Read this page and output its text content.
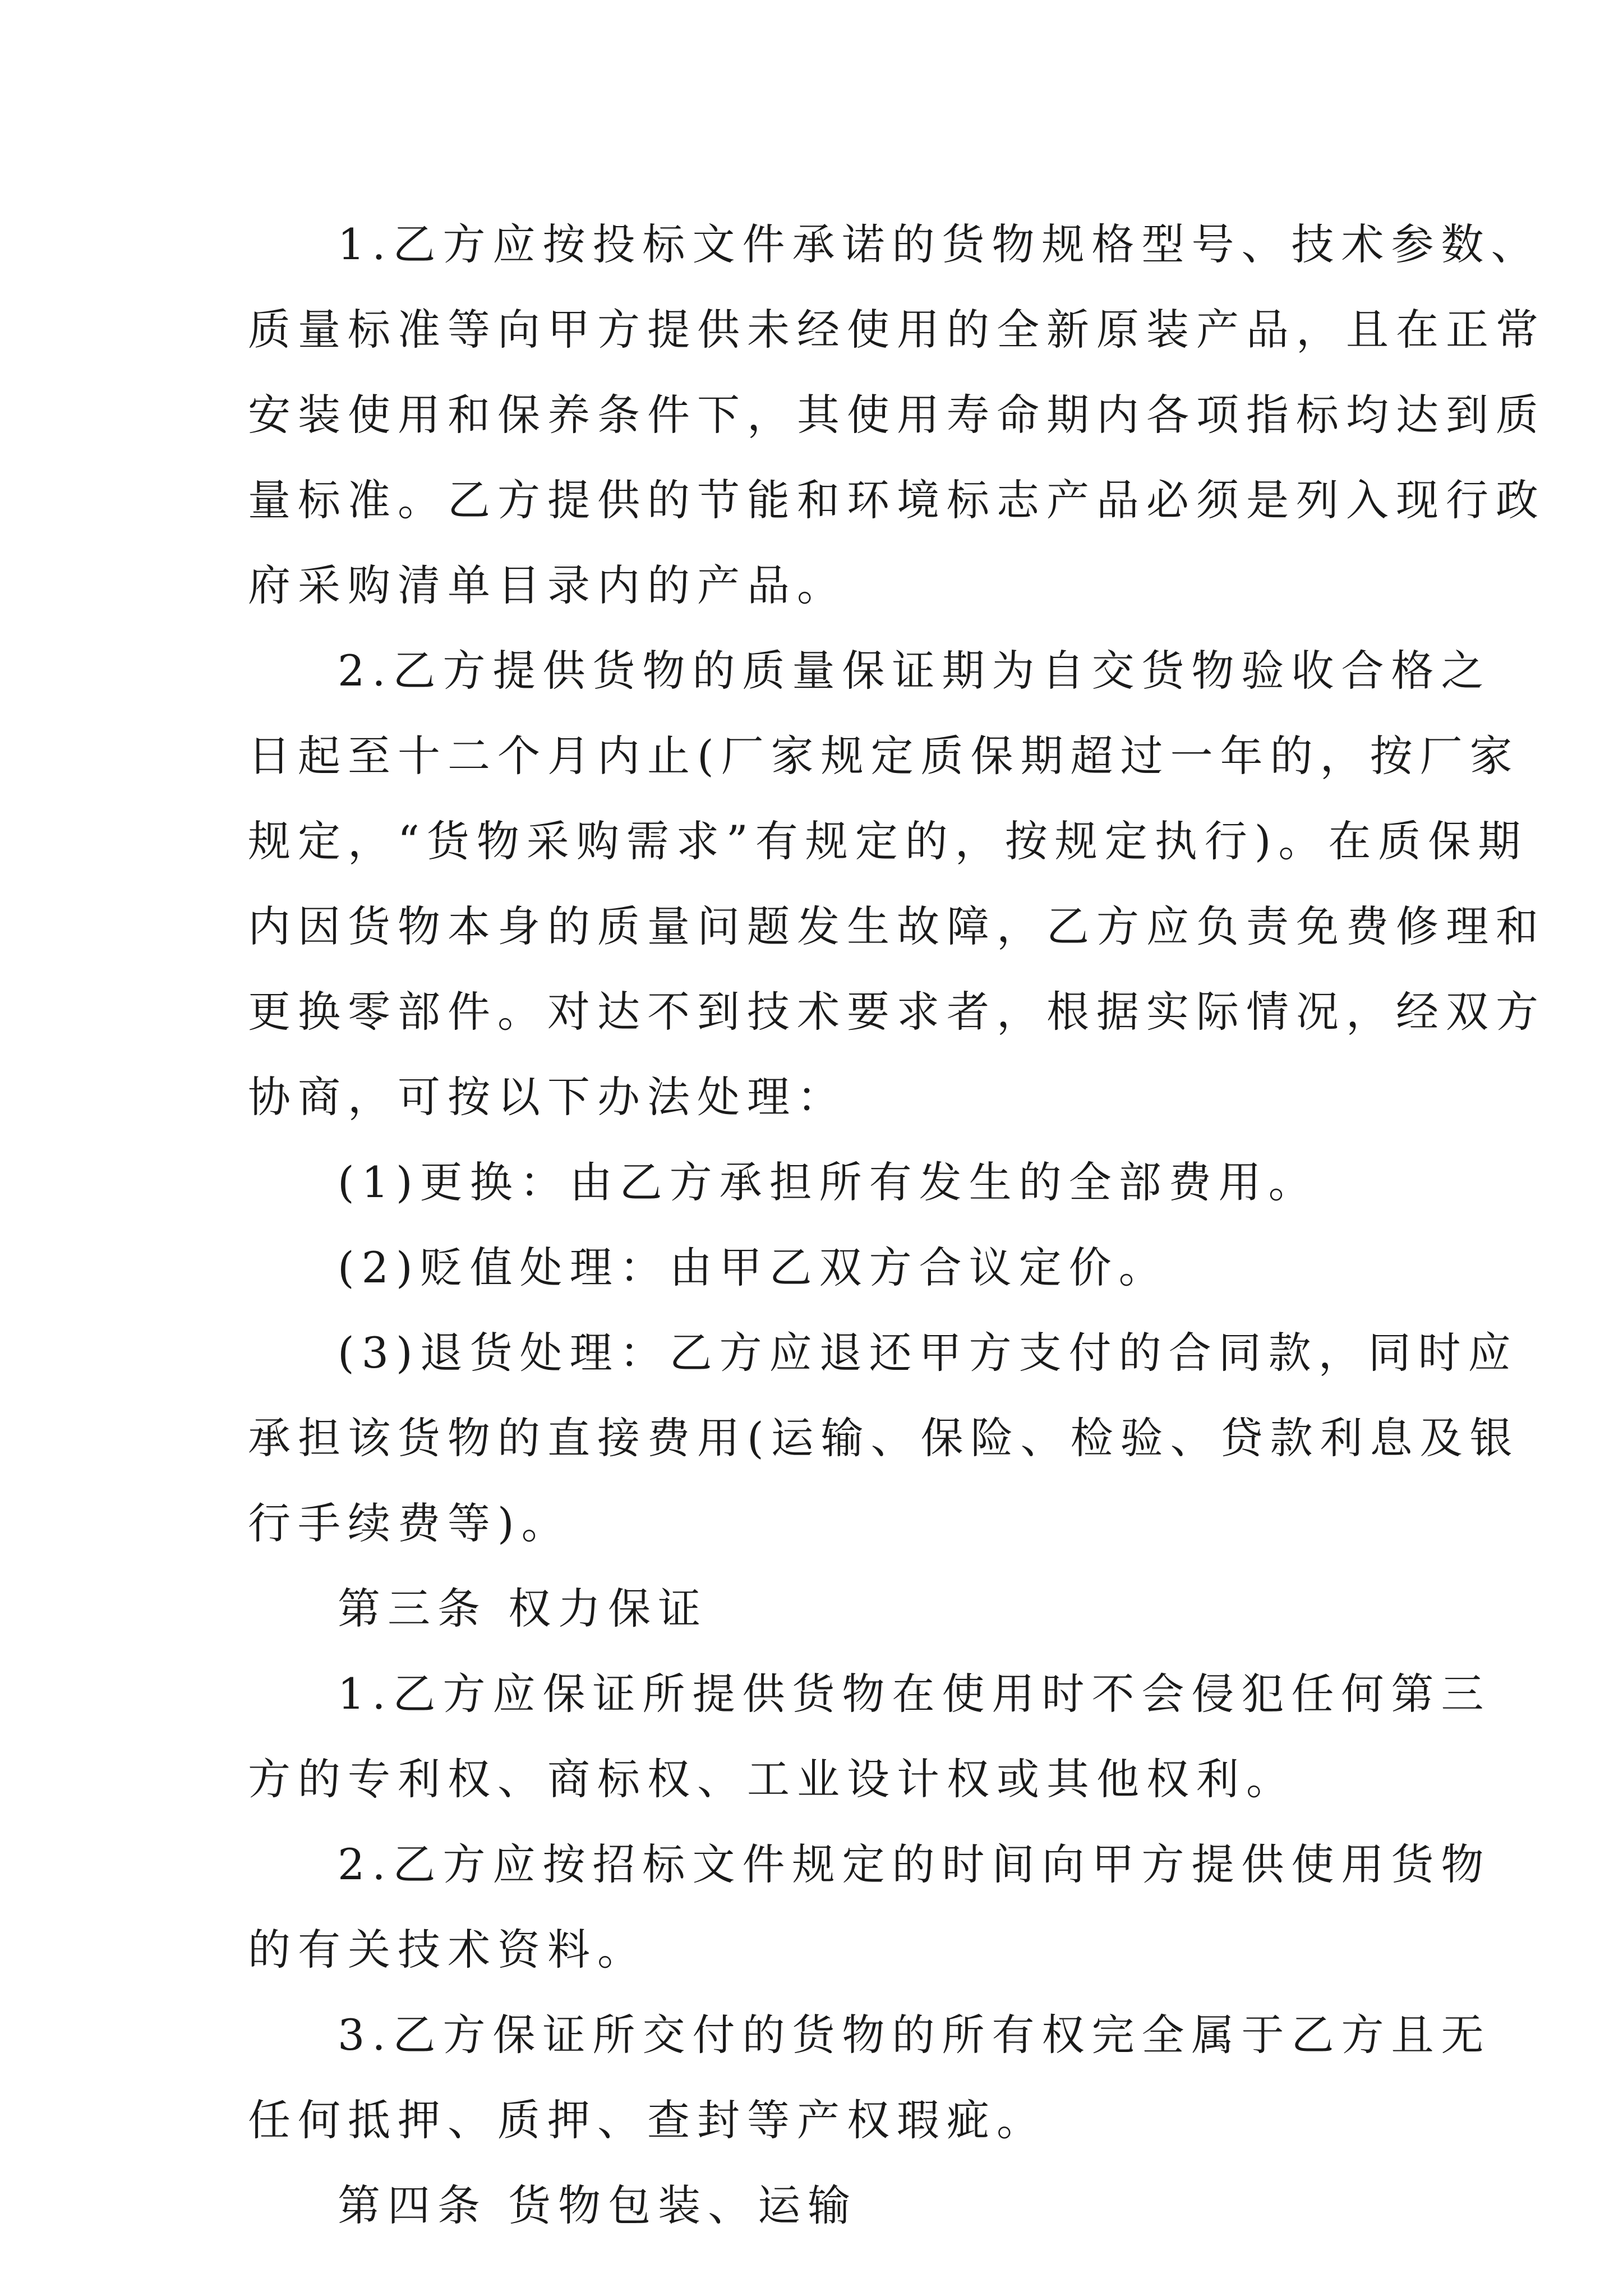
1.乙方应按投标文件承诺的货物规格型号、技术参数、
质量标准等向甲方提供未经使用的全新原装产品，且在正常
安装使用和保养条件下，其使用寿命期内各项指标均达到质
量标准。乙方提供的节能和环境标志产品必须是列入现行政
府采购清单目录内的产品。
2.乙方提供货物的质量保证期为自交货物验收合格之
日起至十二个月内止(厂家规定质保期超过一年的，按厂家
规定，“货物采购需求”有规定的，按规定执行)。在质保期
内因货物本身的质量问题发生故障，乙方应负责免费修理和
更换零部件。对达不到技术要求者，根据实际情况，经双方
协商，可按以下办法处理：
(1)更换：由乙方承担所有发生的全部费用。
(2)贬值处理：由甲乙双方合议定价。
(3)退货处理：乙方应退还甲方支付的合同款，同时应
承担该货物的直接费用(运输、保险、检验、贷款利息及银
行手续费等)。
第三条 权力保证
1.乙方应保证所提供货物在使用时不会侵犯任何第三
方的专利权、商标权、工业设计权或其他权利。
2.乙方应按招标文件规定的时间向甲方提供使用货物
的有关技术资料。
3.乙方保证所交付的货物的所有权完全属于乙方且无
任何抵押、质押、查封等产权瑕疵。
第四条 货物包装、运输
